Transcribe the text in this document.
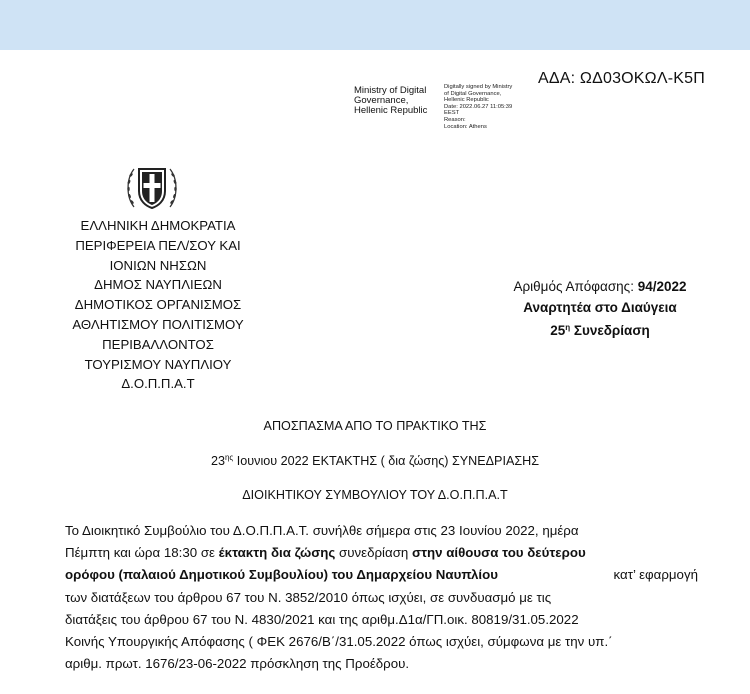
ΑΔΑ: ΩΔ03ΟΚΩΛ-Κ5Π
Ministry of Digital
Governance,
Hellenic Republic
Digitally signed by Ministry
of Digital Governance,
Hellenic Republic
Date: 2022.06.27 11:05:39
EEST
Reason:
Location: Athens
ΕΛΛΗΝΙΚΗ ΔΗΜΟΚΡΑΤΙΑ
ΠΕΡΙΦΕΡΕΙΑ ΠΕΛ/ΣΟΥ ΚΑΙ
ΙΟΝΙΩΝ ΝΗΣΩΝ
ΔΗΜΟΣ ΝΑΥΠΛΙΕΩΝ
ΔΗΜΟΤΙΚΟΣ ΟΡΓΑΝΙΣΜΟΣ
ΑΘΛΗΤΙΣΜΟΥ ΠΟΛΙΤΙΣΜΟΥ
ΠΕΡΙΒΑΛΛΟΝΤΟΣ
ΤΟΥΡΙΣΜΟΥ ΝΑΥΠΛΙΟΥ
Δ.Ο.Π.Π.Α.Τ
Αριθμός Απόφασης: 94/2022
Αναρτητέα στο Διαύγεια
$25^\eta$ Συνεδρίαση
ΑΠΟΣΠΑΣΜΑ ΑΠΟ ΤΟ ΠΡΑΚΤΙΚΟ ΤΗΣ
$23^{\eta\varsigma}$ Ιουνιου 2022 ΕΚΤΑΚΤΗΣ ( δια ζώσης) ΣΥΝΕΔΡΙΑΣΗΣ
ΔΙΟΙΚΗΤΙΚΟΥ ΣΥΜΒΟΥΛΙΟΥ ΤΟΥ Δ.Ο.Π.Π.Α.Τ
Το Διοικητικό Συμβούλιο του Δ.Ο.Π.Π.Α.Τ. συνήλθε σήμερα στις 23 Ιουνίου 2022, ημέρα
Πέμπτη και ώρα 18:30 σε έκτακτη δια ζώσης συνεδρίαση στην αίθουσα του δεύτερου
ορόφου (παλαιού Δημοτικού Συμβουλίου) του Δημαρχείου Ναυπλίου	κατ’ εφαρμογή
των διατάξεων του άρθρου 67 του Ν. 3852/2010 όπως ισχύει, σε συνδυασμό με τις
διατάξεις του άρθρου 67 του Ν. 4830/2021 και της αριθμ.Δ1α/ΓΠ.οικ. 80819/31.05.2022
Κοινής Υπουργικής Απόφασης ( ΦΕΚ 2676/Β΄/31.05.2022 όπως ισχύει, σύμφωνα με την υπ.΄
αριθμ. πρωτ. 1676/23-06-2022 πρόσκληση της Προέδρου.
